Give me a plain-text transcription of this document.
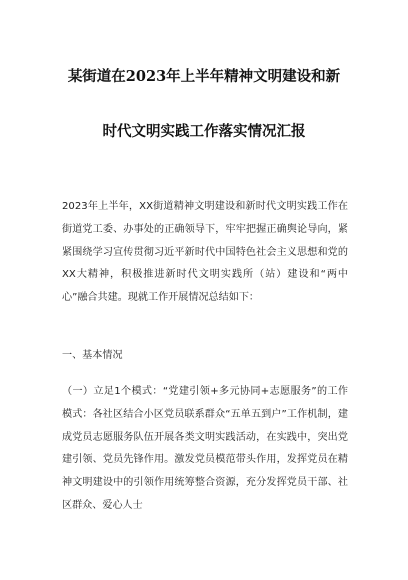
某街道在2023年上半年精神文明建设和新
时代文明实践工作落实情况汇报

2023年上半年，XX街道精神文明建设和新时代文明实践工作在街道党工委、办事处的正确领导下，牢牢把握正确舆论导向，紧紧围绕学习宣传贯彻习近平新时代中国特色社会主义思想和党的XX大精神，积极推进新时代文明实践所（站）建设和“两中心”融合共建。现就工作开展情况总结如下：

一、基本情况

（一）立足1个模式：“党建引领+多元协同+志愿服务”的工作模式：各社区结合小区党员联系群众“五单五到户”工作机制，建成党员志愿服务队伍开展各类文明实践活动，在实践中，突出党建引领、党员先锋作用。激发党员模范带头作用，发挥党员在精神文明建设中的引领作用统筹整合资源，充分发挥党员干部、社区群众、爱心人士
